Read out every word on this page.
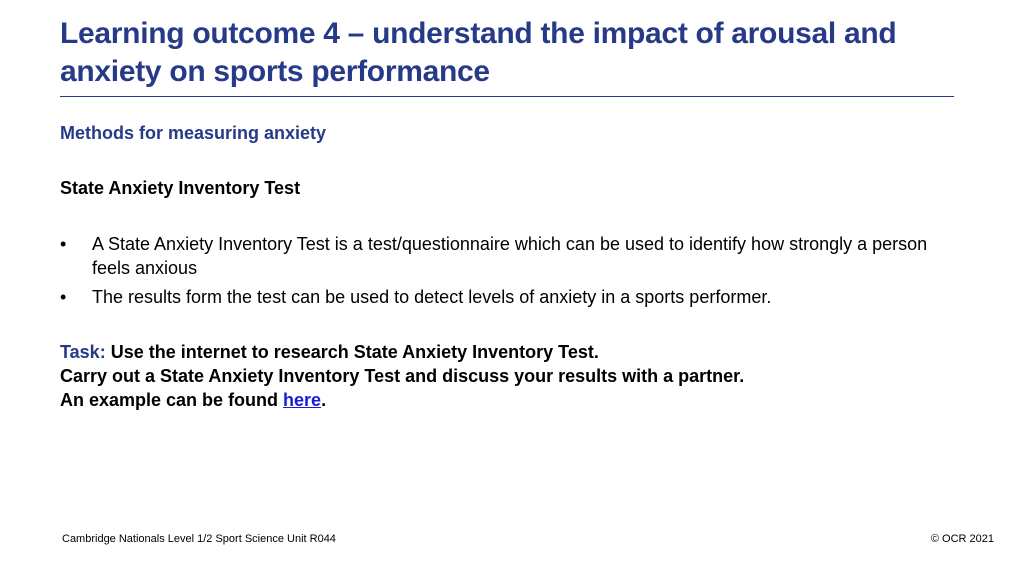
Learning outcome 4 – understand the impact of arousal and anxiety on sports performance
Methods for measuring anxiety
State Anxiety Inventory Test
• A State Anxiety Inventory Test is a test/questionnaire which can be used to identify how strongly a person feels anxious
• The results form the test can be used to detect levels of anxiety in a sports performer.
Task: Use the internet to research State Anxiety Inventory Test.
Carry out a State Anxiety Inventory Test and discuss your results with a partner.
An example can be found here.
Cambridge Nationals Level 1/2 Sport Science Unit R044	© OCR 2021
